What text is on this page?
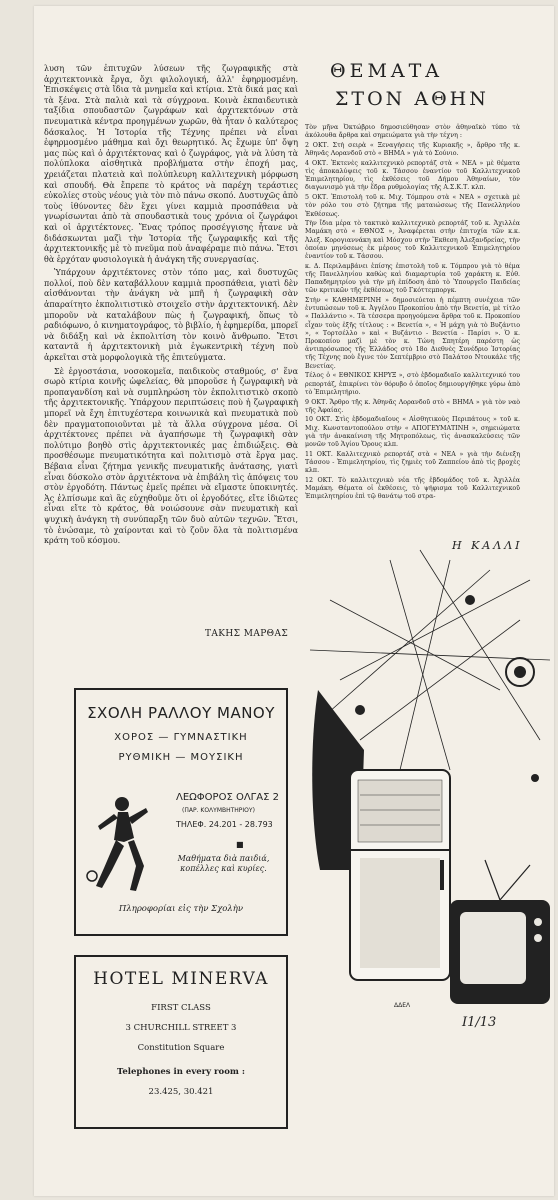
λυση τῶν ἐπιτυχῶν λύσεων τῆς ζωγραφικῆς στὰ ἀρχιτεκτονικὰ ἔργα, ὄχι φιλολογική, ἀλλ' ἐφηρμοσμένη. Ἐπισκέψεις στὰ ἴδια τὰ μνημεῖα καὶ κτίρια. Στὰ δικά μας καὶ τὰ ξένα. Στὰ παλιὰ καὶ τὰ σύγχρονα. Κοινὰ ἐκπαιδευτικὰ ταξίδια σπουδαστῶν ζωγράφων καὶ ἀρχιτεκτόνων στὰ πνευματικὰ κέντρα προηγμένων χωρῶν, θὰ ἦταν ὁ καλύτερος δάσκαλος. Ἡ Ἱστορία τῆς Τέχνης πρέπει νὰ εἶναι ἐφηρμοσμένο μάθημα καὶ ὄχι θεωρητικό. Ἀς ἔχωμε ὑπ' ὄψη μας πὼς καὶ ὁ ἀρχιτέκτονας καὶ ὁ ζωγράφος, γιὰ νὰ λύση τὰ πολύπλοκα αἰσθητικὰ προβλήματα στὴν ἐποχή μας, χρειάζεται πλατειὰ καὶ πολύπλευρη καλλιτεχνικὴ μόρφωση καὶ σπουδή. Θὰ ἔπρεπε τὸ κράτος νὰ παρέχη τεράστιες εὐκολίες στοὺς νέους γιὰ τὸν πιὸ πάνω σκοπό. Δυστυχῶς ἀπὸ τοὺς ἰθύνοντες δὲν ἔχει γίνει καμμιὰ προσπάθεια νὰ γνωρίσωνται ἀπὸ τὰ σπουδαστικὰ τους χρόνια οἱ ζωγράφοι καὶ οἱ ἀρχιτέκτονες. Ἕνας τρόπος προσέγγισης ἦτανε νὰ διδάσκωνται μαζὶ τὴν Ἱστορία τῆς ζωγραφικῆς καὶ τῆς ἀρχιτεκτονικῆς μὲ τὸ πνεῦμα ποὺ ἀναφέραμε πιὸ πάνω. Ἔτσι θὰ ἐρχόταν φυσιολογικὰ ἡ ἀνάγκη τῆς συνεργασίας.

Ὑπάρχουν ἀρχιτέκτονες στὸν τόπο μας, καὶ δυστυχῶς πολλοί, ποὺ δὲν καταβάλλουν καμμιὰ προσπάθεια, γιατὶ δὲν αἰσθάνονται τὴν ἀνάγκη νὰ μπῆ ἡ ζωγραφικὴ σὰν ἀπαραίτητο ἐκπολιτιστικὸ στοιχεῖο στὴν ἀρχιτεκτονική. Δὲν μποροῦν νὰ καταλάβουν πὼς ἡ ζωγραφική, ὅπως τὸ ραδιόφωνο, ὁ κινηματογράφος, τὸ βιβλίο, ἡ ἐφημερίδα, μπορεῖ νὰ διδάξη καὶ νὰ ἐκπολιτίση τὸν κοινὸ ἄνθρωπο. Ἔτσι καταντᾶ ἡ ἀρχιτεκτονικὴ μιὰ ἐγωκεντρικὴ τέχνη ποὺ ἀρκεῖται στὰ μορφολογικὰ τῆς ἐπιτεύγματα.

Σὲ ἐργοστάσια, νοσοκομεῖα, παιδικοὺς σταθμούς, σ' ἕνα σωρὸ κτίρια κοινῆς ὠφελείας, θὰ μποροῦσε ἡ ζωγραφικὴ νὰ προπαγανδίση καὶ νὰ συμπληρώση τὸν ἐκπολιτιστικὸ σκοπὸ τῆς ἀρχιτεκτονικῆς. Ὑπάρχουν περιπτώσεις ποὺ ἡ ζωγραφικὴ μπορεῖ νὰ ἔχη ἐπιτυχέστερα κοινωνικὰ καὶ πνευματικὰ ποὺ δὲν πραγματοποιοῦνται μὲ τὰ ἄλλα σύγχρονα μέσα. Οἱ ἀρχιτέκτονες πρέπει νὰ ἀγαπήσωμε τὴ ζωγραφικὴ σὰν πολύτιμο βοηθὸ στὶς ἀρχιτεκτονικές μας ἐπιδιώξεις. Θὰ προσθέσωμε πνευματικότητα καὶ πολιτισμὸ στὰ ἔργα μας. Βέβαια εἶναι ζήτημα γενικῆς πνευματικῆς ἀνάτασης, γιατὶ εἶναι δύσκολο στὸν ἀρχιτέκτονα νὰ ἐπιβάλη τὶς ἀπόψεις του στὸν ἐργοδότη. Πάντως ἐμεῖς πρέπει νὰ εἴμαστε ὑποκινητές. Ἀς ἐλπίσωμε καὶ ἂς εὐχηθοῦμε ὅτι οἱ ἐργοδότες, εἴτε ἰδιῶτες εἶναι εἴτε τὸ κράτος, θὰ νοιώσουνε σὰν πνευματικὴ καὶ ψυχικὴ ἀνάγκη τὴ συνύπαρξη τῶν δυὸ αὐτῶν τεχνῶν. Ἔτσι, τὸ ἑνώσαμε, τὸ χαίρονται καὶ τὸ ζοῦν ὅλα τὰ πολιτισμένα κράτη τοῦ κόσμου.

ΤΑΚΗΣ ΜΑΡΘΑΣ
ΘΕΜΑΤΑ
ΣΤΟΝ ΑΘΗΝ

Τὸν μῆνα Ὀκτώβριο δημοσιεύθησαν στὸν ἀθηναϊκὸ τύπο τὰ ἀκόλουθα ἄρθρα καὶ σημειώματα γιὰ τὴν τέχνη :

2 ΟΚΤ. Στὴ σειρὰ « Ξεναγήσεις τῆς Κυριακῆς », ἄρθρο τῆς κ. Ἀθηνᾶς Λορανδοῦ στὸ « ΒΗΜΑ » γιὰ τὸ Σούνιο.

4 ΟΚΤ. Ἐκτενὲς καλλιτεχνικὸ ρεπορτάζ στὰ « ΝΕΑ » μὲ θέματα τὶς ἀποκαλύψεις τοῦ κ. Τάσσου ἐναντίον τοῦ Καλλιτεχνικοῦ Ἐπιμελητηρίου, τὶς ἐκθέσεις τοῦ Δήμου Ἀθηναίων, τὸν διαγωνισμὸ γιὰ τὴν ἕδρα ρυθμολογίας τῆς Α.Σ.Κ.Τ. κλπ.

5 ΟΚΤ. Ἐπιστολὴ τοῦ κ. Μιχ. Τόμπρου στὰ « ΝΕΑ » σχετικὰ μὲ τὸν ρόλο του στὸ ζήτημα τῆς ματαιώσεως τῆς Πανελληνίου Ἐκθέσεως.

Τὴν ἴδια μέρα τὸ τακτικὸ καλλιτεχνικὸ ρεπορτάζ τοῦ κ. Ἀχιλλέα Μαμάκη στὸ « ΕΘΝΟΣ », Ἀναφέρεται στὴν ἐπιτυχία τῶν κ.κ. Ἀλεξ. Κορογιαννάκη καὶ Μόσχου στὴν Ἔκθεση Ἀλεξανδρείας, τὴν ὁποίαν μηνύσεως ἐκ μέρους τοῦ Καλλιτεχνικοῦ Ἐπιμελητηρίου ἐναντίον τοῦ κ. Τάσσου.

κ. Δ. Περιλαμβάνει ἐπίσης ἐπιστολὴ τοῦ κ. Τόμπρου γιὰ τὸ θέμα τῆς Πανελληνίου καθὼς καὶ διαμαρτυρία τοῦ χαράκτη κ. Εὐθ. Παπαδημητρίου γιὰ τὴν μὴ ἐπίδοση ἀπὸ τὸ Ὑπουργεῖο Παιδείας τῶν κριτικῶν τῆς ἐκθέσεως τοῦ Γκόττεμποργκ.

Στὴν « ΚΑΘΗΜΕΡΙΝΗ » δημοσιεύεται ἡ πέμπτη συνέχεια τῶν ἐντυπώσεων τοῦ κ. Ἀγγέλου Προκοπίου ἀπὸ τὴν Βενετία, μὲ τίτλο « Παλλάντιο ». Τὰ τέσσερα προηγούμενα ἄρθρα τοῦ κ. Προκοπίου εἶχαν τοὺς ἑξῆς τίτλους : « Βενετία », « Ἡ μάχη γιὰ τὸ Βυζάντιο », « Τορτσέλλο » καὶ « Βυζάντιο - Βενετία - Παρίσι ». Ὁ κ. Προκοπίου μαζὶ μὲ τὸν κ. Τώνη Σπητέρη παρέστη ὡς ἀντιπρόσωπος τῆς Ἑλλάδος στὸ 18ο Διεθνὲς Συνέδριο Ἱστορίας τῆς Τέχνης ποὺ ἔγινε τὸν Σεπτέμβριο στὸ Παλάτσο Ντουκάλε τῆς Βενετίας.

Τέλος ὁ « ΕΘΝΙΚΟΣ ΚΗΡΥΞ », στὸ ἑβδομαδιαῖο καλλιτεχνικό του ρεπορτάζ, ἐπικρίνει τὸν θόρυβο ὁ ὁποῖος δημιουργήθηκε γύρω ἀπὸ τὸ Ἐπιμελητήριο.

9 ΟΚΤ. Ἄρθρο τῆς κ. Ἀθηνᾶς Λορανδοῦ στὸ « ΒΗΜΑ » γιὰ τὸν ναὸ τῆς Ἀφαίας.

10 ΟΚΤ. Στὶς ἑβδομαδιαῖους « Αἰσθητικοὺς Περιπάτους » τοῦ κ. Μιχ. Κωνσταντοπούλου στὴν « ΑΠΟΓΕΥΜΑΤΙΝΗ », σημειώματα γιὰ τὴν ἀνακαίνιση τῆς Μητροπόλεως, τὶς ἀνασκαλεύσεις τῶν μονῶν τοῦ Ἁγίου Ὄρους κλπ.

11 ΟΚΤ. Καλλιτεχνικὸ ρεπορτάζ στὰ « ΝΕΑ » γιὰ τὴν διένεξη Τάσσου - Ἐπιμελητηρίου, τὶς ζημιὲς τοῦ Ζαππείου ἀπὸ τὶς βροχὲς κλπ.

12 ΟΚΤ. Τὸ καλλιτεχνικὸ νέα τῆς ἑβδομάδος τοῦ κ. Ἀχιλλέα Μαμάκη. Θέματα οἱ ἐκθέσεις, τὸ ψήφισμα τοῦ Καλλιτεχνικοῦ Ἐπιμελητηρίου ἐπὶ τῷ θανάτῳ τοῦ στρα-

ΣΧΟΛΗ ΡΑΛΛΟΥ ΜΑΝΟΥ
ΧΟΡΟΣ — ΓΥΜΝΑΣΤΙΚΗ
ΡΥΘΜΙΚΗ — ΜΟΥΣΙΚΗ
ΛΕΩΦΟΡΟΣ ΟΛΓΑΣ 2
(ΠΑΡ. ΚΟΛΥΜΒΗΤΗΡΙΟΥ)
ΤΗΛΕΦ. 24.201 - 28.793
■
Μαθήματα διὰ παιδιά, κοπέλλες καὶ κυρίες.
Πληροφορίαι εἰς τὴν Σχολὴν
HOTEL MINERVA
FIRST CLASS
3 CHURCHILL STREET 3
Constitution Square
Telephones in every room :
23.425, 30.421
Η ΚΑΛΛΙ
ΔΔΕΛ
Ι1/13
